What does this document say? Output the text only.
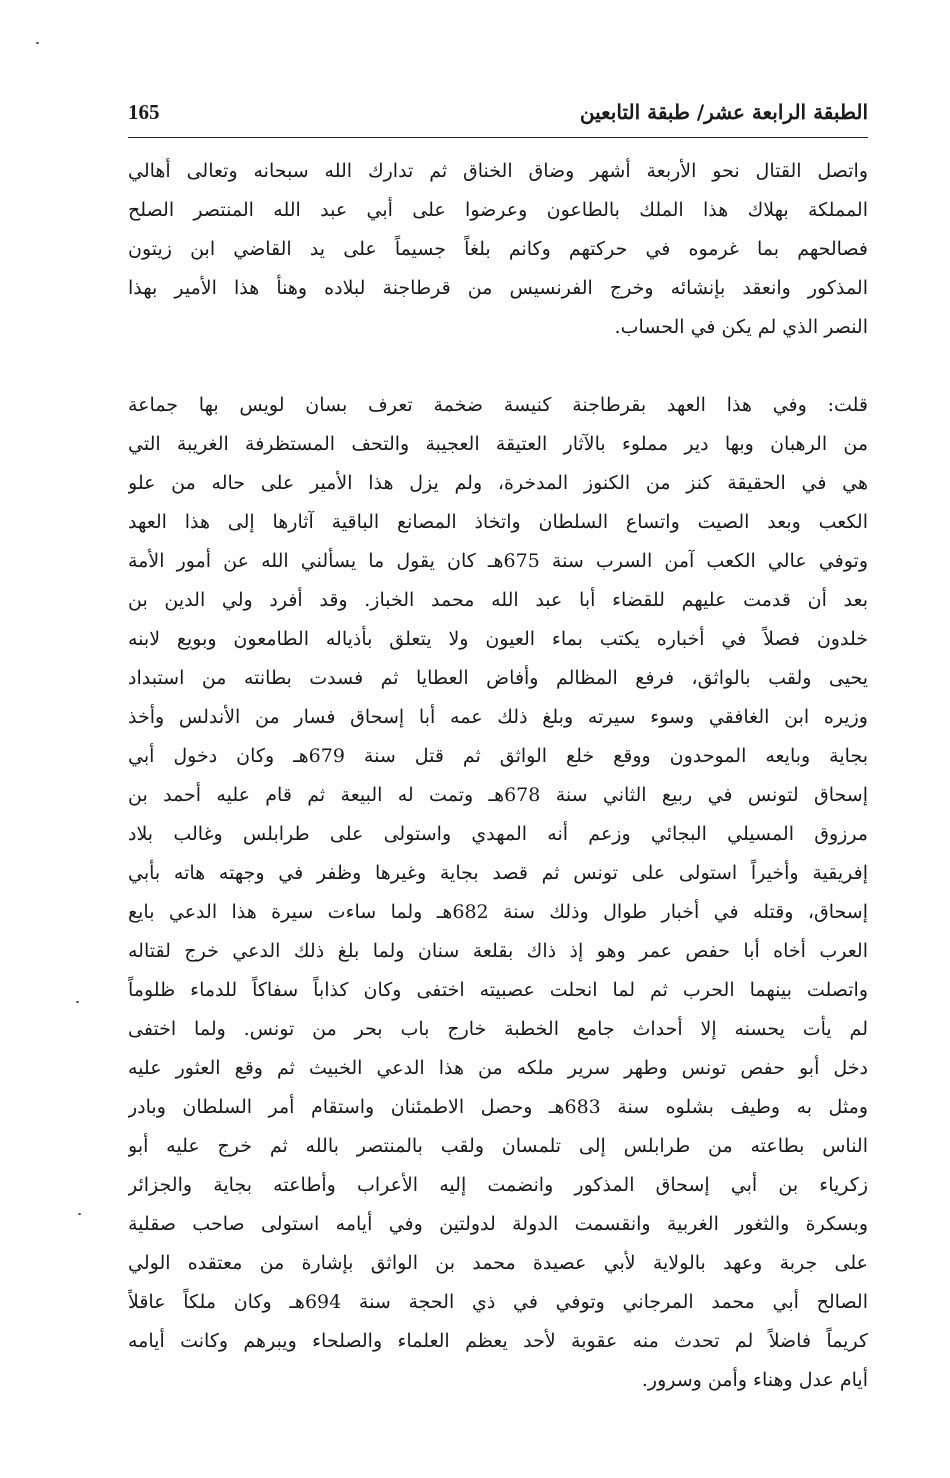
الطبقة الرابعة عشر/ طبقة التابعين
165
واتصل القتال نحو الأربعة أشهر وضاق الخناق ثم تدارك الله سبحانه وتعالى أهالي
المملكة بهلاك هذا الملك بالطاعون وعرضوا على أبي عبد الله المنتصر الصلح
فصالحهم بما غرموه في حركتهم وكانم بلغاً جسيماً على يد القاضي ابن زيتون
المذكور وانعقد بإنشائه وخرج الفرنسيس من قرطاجنة لبلاده وهنأ هذا الأمير بهذا
النصر الذي لم يكن في الحساب.
قلت: وفي هذا العهد بقرطاجنة كنيسة ضخمة تعرف بسان لويس بها جماعة
من الرهبان وبها دير مملوء بالآثار العتيقة العجيبة والتحف المستظرفة الغريبة التي
هي في الحقيقة كنز من الكنوز المدخرة، ولم يزل هذا الأمير على حاله من علو
الكعب وبعد الصيت واتساع السلطان واتخاذ المصانع الباقية آثارها إلى هذا العهد
وتوفي عالي الكعب آمن السرب سنة 675هـ كان يقول ما يسألني الله عن أمور الأمة
بعد أن قدمت عليهم للقضاء أبا عبد الله محمد الخباز. وقد أفرد ولي الدين بن
خلدون فصلاً في أخباره يكتب بماء العيون ولا يتعلق بأذياله الطامعون وبويع لابنه
يحيى ولقب بالواثق، فرفع المظالم وأفاض العطايا ثم فسدت بطانته من استبداد
وزيره ابن الغافقي وسوء سيرته وبلغ ذلك عمه أبا إسحاق فسار من الأندلس وأخذ
بجاية وبايعه الموحدون ووقع خلع الواثق ثم قتل سنة 679هـ وكان دخول أبي
إسحاق لتونس في ربيع الثاني سنة 678هـ وتمت له البيعة ثم قام عليه أحمد بن
مرزوق المسيلي البجائي وزعم أنه المهدي واستولى على طرابلس وغالب بلاد
إفريقية وأخيراً استولى على تونس ثم قصد بجاية وغيرها وظفر في وجهته هاته بأبي
إسحاق، وقتله في أخبار طوال وذلك سنة 682هـ ولما ساءت سيرة هذا الدعي بايع
العرب أخاه أبا حفص عمر وهو إذ ذاك بقلعة سنان ولما بلغ ذلك الدعي خرج لقتاله
واتصلت بينهما الحرب ثم لما انحلت عصبيته اختفى وكان كذاباً سفاكاً للدماء ظلوماً
لم يأت يحسنه إلا أحداث جامع الخطبة خارج باب بحر من تونس. ولما اختفى
دخل أبو حفص تونس وطهر سرير ملكه من هذا الدعي الخبيث ثم وقع العثور عليه
ومثل به وطيف بشلوه سنة 683هـ وحصل الاطمئنان واستقام أمر السلطان وبادر
الناس بطاعته من طرابلس إلى تلمسان ولقب بالمنتصر بالله ثم خرج عليه أبو
زكرياء بن أبي إسحاق المذكور وانضمت إليه الأعراب وأطاعته بجاية والجزائر
وبسكرة والثغور الغربية وانقسمت الدولة لدولتين وفي أيامه استولى صاحب صقلية
على جربة وعهد بالولاية لأبي عصيدة محمد بن الواثق بإشارة من معتقده الولي
الصالح أبي محمد المرجاني وتوفي في ذي الحجة سنة 694هـ وكان ملكاً عاقلاً
كريماً فاضلاً لم تحدث منه عقوبة لأحد يعظم العلماء والصلحاء ويبرهم وكانت أيامه
أيام عدل وهناء وأمن وسرور.
